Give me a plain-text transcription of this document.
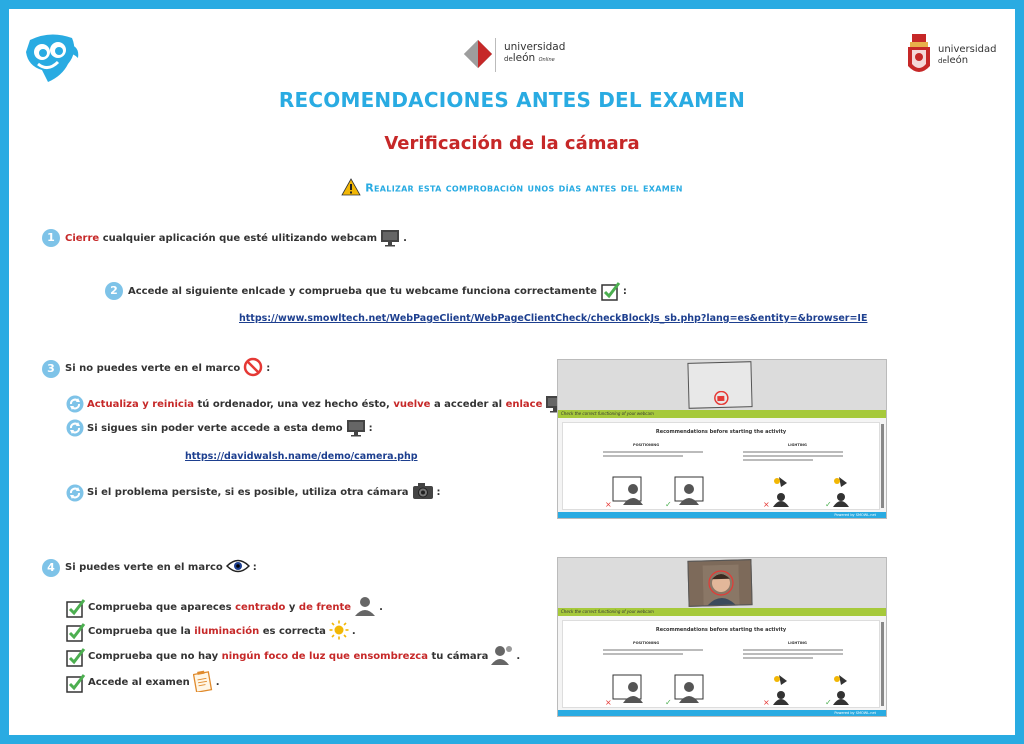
universidad
deleón Online
universidad
deleón
RECOMENDACIONES ANTES DEL EXAMEN
Verificación de la cámara
Realizar esta comprobación unos días antes del examen
1	Cierre
cualquier aplicación que esté ulitizando webcam	.
2	Accede al siguiente enlcade y comprueba que tu webcame funciona correctamente	:
https://www.smowltech.net/WebPageClient/WebPageClientCheck/checkBlockJs_sb.php?lang=es&entity=&browser=IE
3	Si no puedes verte en el marco	:
Actualiza y reinicia
tú ordenador, una vez hecho ésto,
vuelve
a acceder al
enlace
Si sigues sin poder verte accede a esta demo	:
https://davidwalsh.name/demo/camera.php
Si el problema persiste, si es posible, utiliza otra cámara	:
4	Si puedes verte en el marco	:
Comprueba que apareces
centrado
y
de frente	.
Comprueba que la
iluminación
es correcta	.
Comprueba que no hay
ningún foco de luz que ensombrezca
tu cámara	.
Accede al examen	.
Check the correct functioning of your webcam
Recommendations before starting the activity
POSITIONING	LIGHTING
×	✓	×	✓
Powered by SMOWL.net
Check the correct functioning of your webcam
Recommendations before starting the activity
POSITIONING	LIGHTING
×	✓	×	✓
Powered by SMOWL.net
